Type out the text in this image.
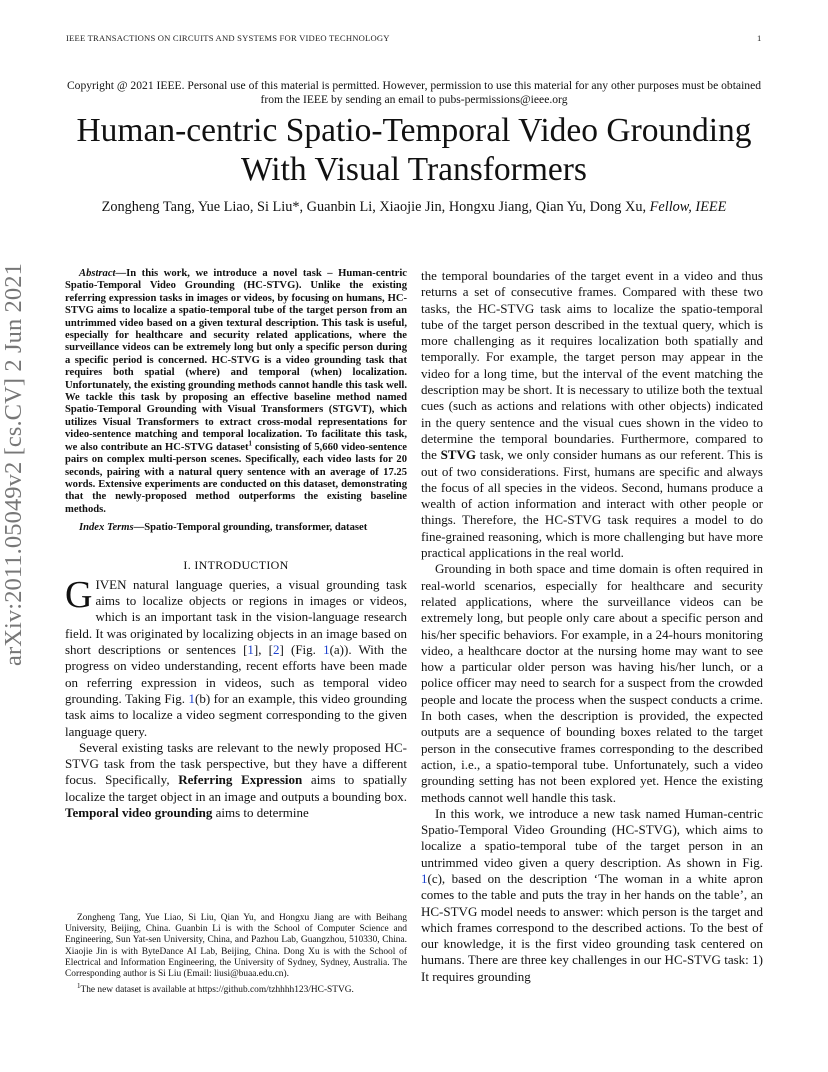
IEEE TRANSACTIONS ON CIRCUITS AND SYSTEMS FOR VIDEO TECHNOLOGY	1
Copyright @ 2021 IEEE. Personal use of this material is permitted. However, permission to use this material for any other purposes must be obtained from the IEEE by sending an email to pubs-permissions@ieee.org
Human-centric Spatio-Temporal Video Grounding With Visual Transformers
Zongheng Tang, Yue Liao, Si Liu*, Guanbin Li, Xiaojie Jin, Hongxu Jiang, Qian Yu, Dong Xu, Fellow, IEEE
arXiv:2011.05049v2 [cs.CV] 2 Jun 2021	Abstract—In this work, we introduce a novel task – Human-centric Spatio-Temporal Video Grounding (HC-STVG). Unlike the existing referring expression tasks in images or videos, by focusing on humans, HC-STVG aims to localize a spatio-temporal tube of the target person from an untrimmed video based on a given textural description. This task is useful, especially for healthcare and security related applications, where the surveillance videos can be extremely long but only a specific person during a specific period is concerned. HC-STVG is a video grounding task that requires both spatial (where) and temporal (when) localization. Unfortunately, the existing grounding methods cannot handle this task well. We tackle this task by proposing an effective baseline method named Spatio-Temporal Grounding with Visual Transformers (STGVT), which utilizes Visual Transformers to extract cross-modal representations for video-sentence matching and temporal localization. To facilitate this task, we also contribute an HC-STVG dataset$^1$ consisting of 5,660 video-sentence pairs on complex multi-person scenes. Specifically, each video lasts for 20 seconds, pairing with a natural query sentence with an average of 17.25 words. Extensive experiments are conducted on this dataset, demonstrating that the newly-proposed method outperforms the existing baseline methods.

Index Terms—Spatio-Temporal grounding, transformer, dataset

I. INTRODUCTION

GIVEN natural language queries, a visual grounding task aims to localize objects or regions in images or videos, which is an important task in the vision-language research field. It was originated by localizing objects in an image based on short descriptions or sentences [1], [2] (Fig. 1(a)). With the progress on video understanding, recent efforts have been made on referring expression in videos, such as temporal video grounding. Taking Fig. 1(b) for an example, this video grounding task aims to localize a video segment corresponding to the given language query.

Several existing tasks are relevant to the newly proposed HC-STVG task from the task perspective, but they have a different focus. Specifically, Referring Expression aims to spatially localize the target object in an image and outputs a bounding box. Temporal video grounding aims to determine

Zongheng Tang, Yue Liao, Si Liu, Qian Yu, and Hongxu Jiang are with Beihang University, Beijing, China. Guanbin Li is with the School of Computer Science and Engineering, Sun Yat-sen University, China, and Pazhou Lab, Guangzhou, 510330, China. Xiaojie Jin is with ByteDance AI Lab, Beijing, China. Dong Xu is with the School of Electrical and Information Engineering, the University of Sydney, Sydney, Australia. The Corresponding author is Si Liu (Email: liusi@buaa.edu.cn).

$^1$The new dataset is available at https://github.com/tzhhhh123/HC-STVG.

the temporal boundaries of the target event in a video and thus returns a set of consecutive frames. Compared with these two tasks, the HC-STVG task aims to localize the spatio-temporal tube of the target person described in the textual query, which is more challenging as it requires localization both spatially and temporally. For example, the target person may appear in the video for a long time, but the interval of the event matching the description may be short. It is necessary to utilize both the textual cues (such as actions and relations with other objects) indicated in the query sentence and the visual cues shown in the video to determine the temporal boundaries. Furthermore, compared to the STVG task, we only consider humans as our referent. This is out of two considerations. First, humans are specific and always the focus of all species in the videos. Second, humans produce a wealth of action information and interact with other people or things. Therefore, the HC-STVG task requires a model to do fine-grained reasoning, which is more challenging but have more practical applications in the real world.

Grounding in both space and time domain is often required in real-world scenarios, especially for healthcare and security related applications, where the surveillance videos can be extremely long, but people only care about a specific person and his/her specific behaviors. For example, in a 24-hours monitoring video, a healthcare doctor at the nursing home may want to see how a particular older person was having his/her lunch, or a police officer may need to search for a suspect from the crowded people and locate the process when the suspect conducts a crime. In both cases, when the description is provided, the expected outputs are a sequence of bounding boxes related to the target person in the consecutive frames corresponding to the described action, i.e., a spatio-temporal tube. Unfortunately, such a video grounding setting has not been explored yet. Hence the existing methods cannot well handle this task.

In this work, we introduce a new task named Human-centric Spatio-Temporal Video Grounding (HC-STVG), which aims to localize a spatio-temporal tube of the target person in an untrimmed video given a query description. As shown in Fig. 1(c), based on the description ‘The woman in a white apron comes to the table and puts the tray in her hands on the table’, an HC-STVG model needs to answer: which person is the target and which frames correspond to the described actions. To the best of our knowledge, it is the first video grounding task centered on humans. There are three key challenges in our HC-STVG task: 1) It requires grounding
